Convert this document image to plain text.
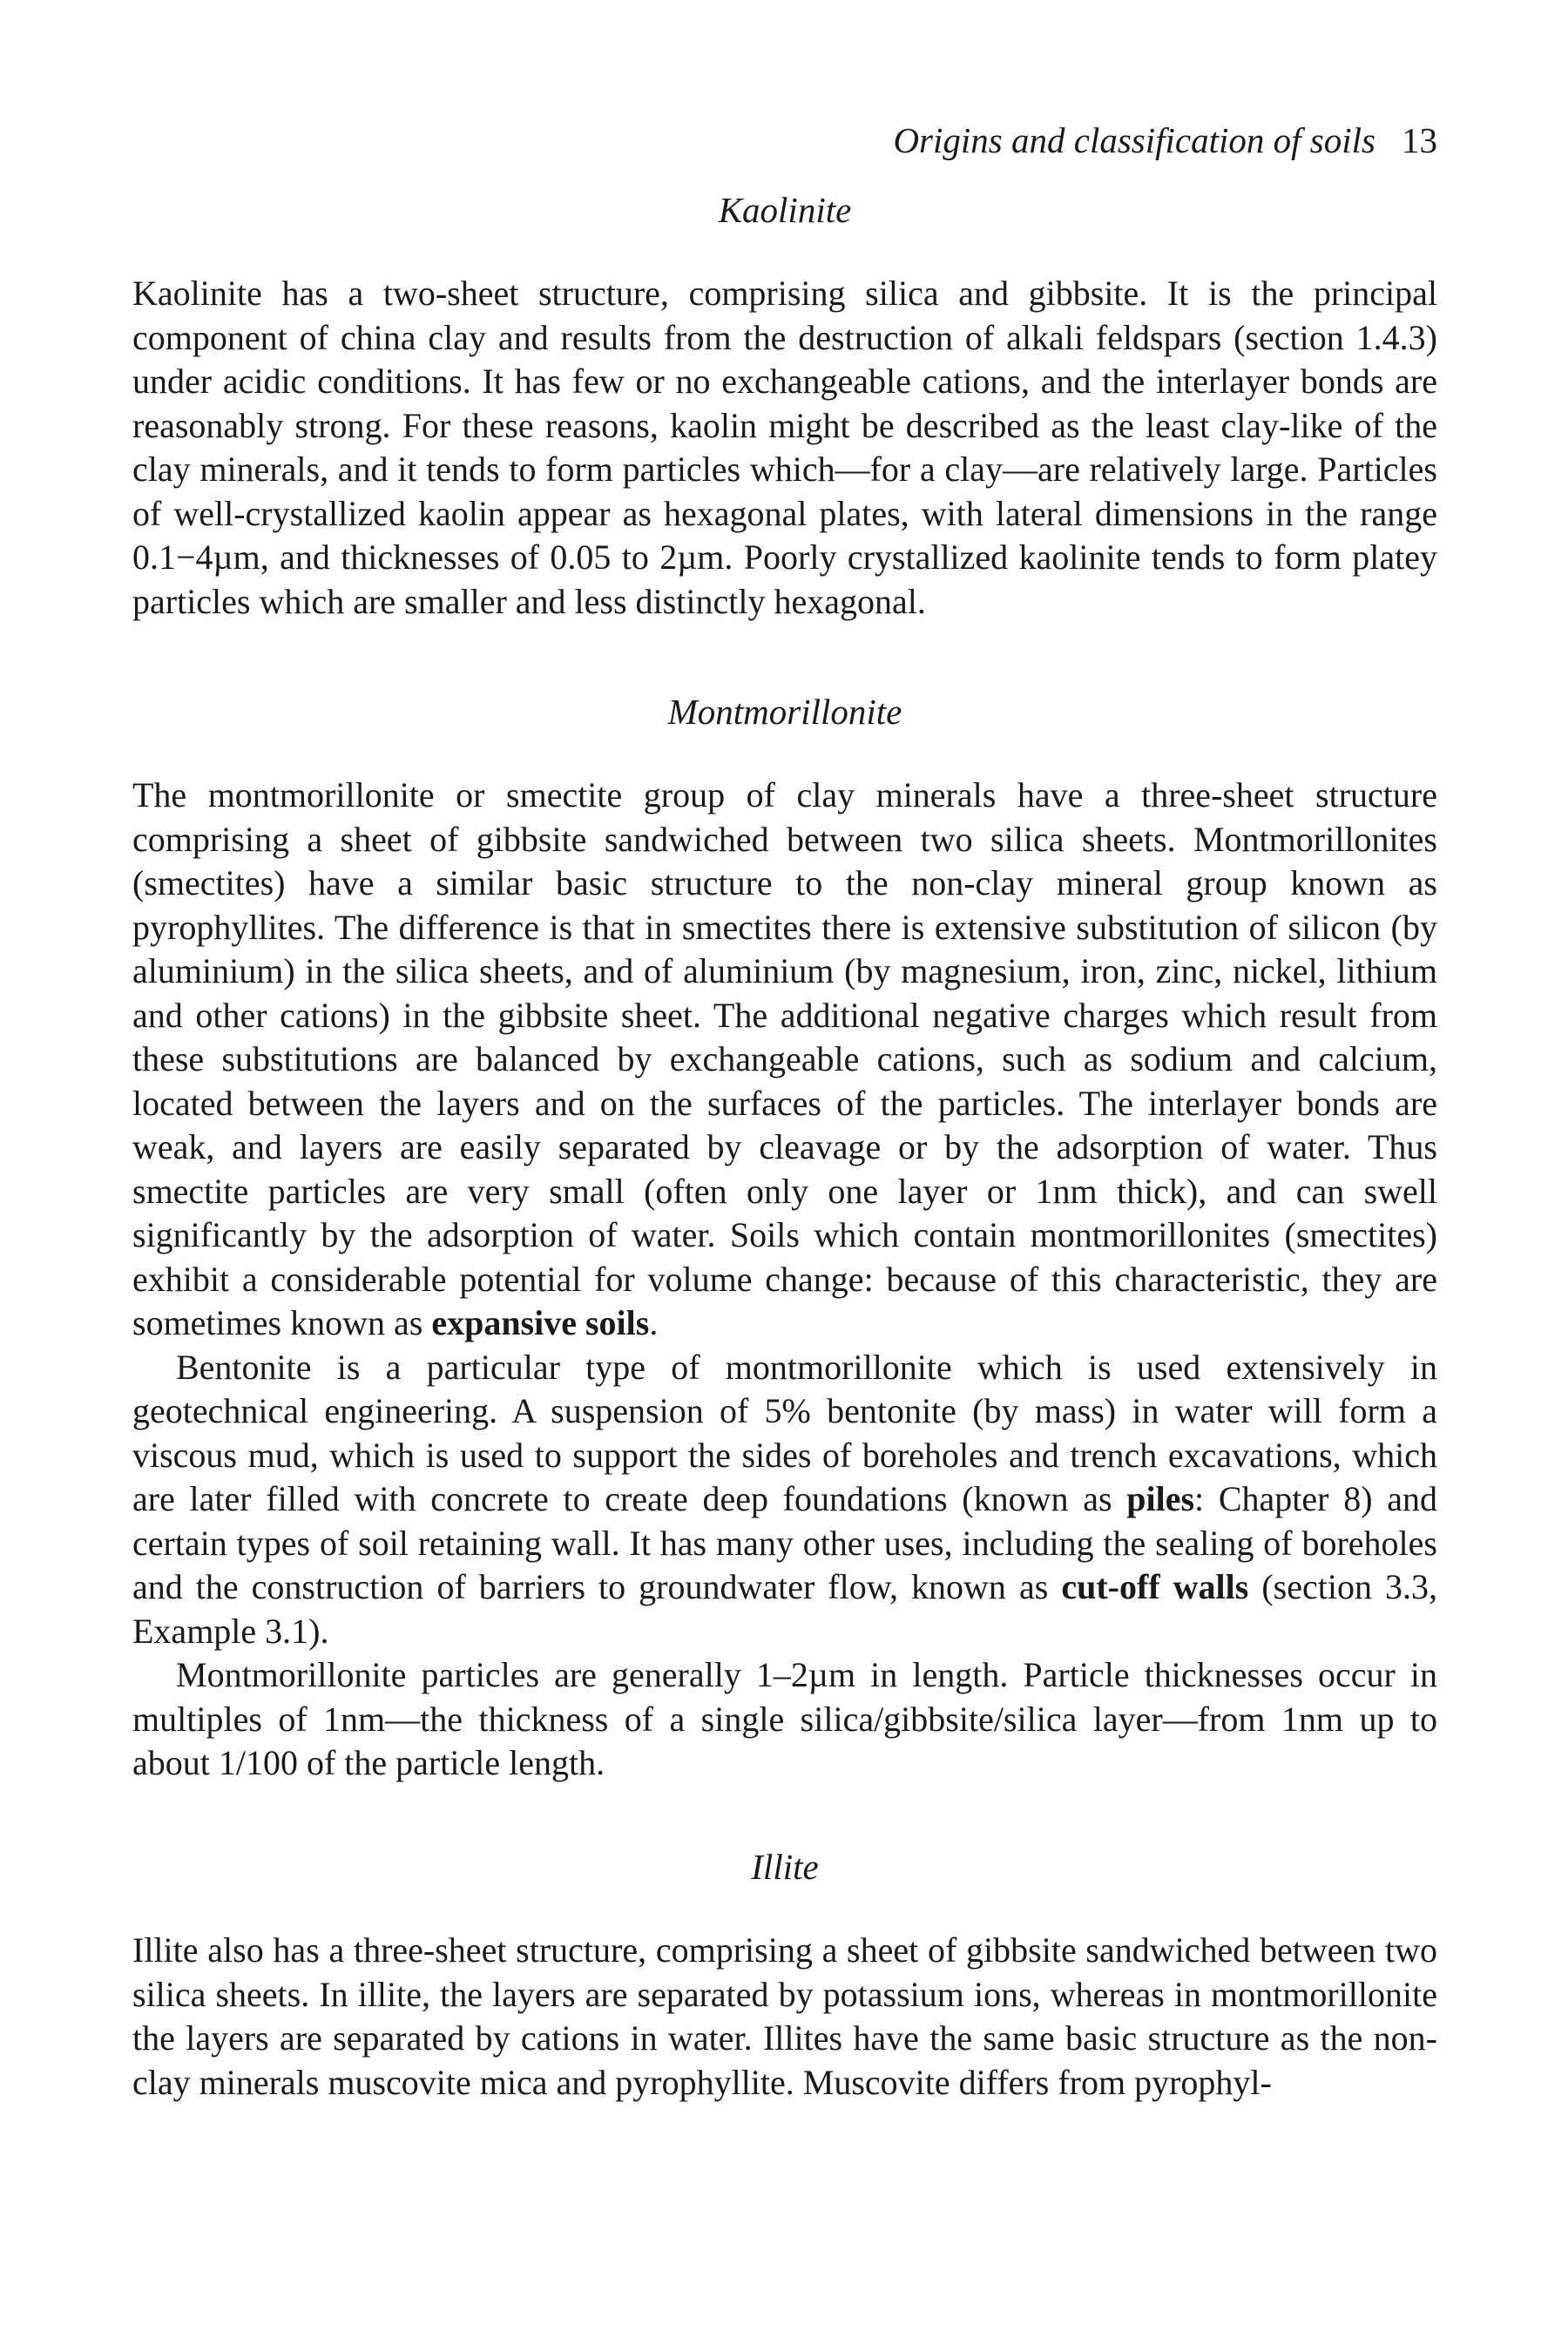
Origins and classification of soils 13
Kaolinite

Kaolinite has a two-sheet structure, comprising silica and gibbsite. It is the principal component of china clay and results from the destruction of alkali feldspars (section 1.4.3) under acidic conditions. It has few or no exchangeable cations, and the interlayer bonds are reasonably strong. For these reasons, kaolin might be described as the least clay-like of the clay minerals, and it tends to form particles which—for a clay—are relatively large. Particles of well-crystallized kaolin appear as hexagonal plates, with lateral dimensions in the range 0.1−4µm, and thicknesses of 0.05 to 2µm. Poorly crystallized kaolinite tends to form platey particles which are smaller and less distinctly hexagonal.

Montmorillonite

The montmorillonite or smectite group of clay minerals have a three-sheet structure comprising a sheet of gibbsite sandwiched between two silica sheets. Montmorillonites (smectites) have a similar basic structure to the non-clay mineral group known as pyrophyllites. The difference is that in smectites there is extensive substitution of silicon (by aluminium) in the silica sheets, and of aluminium (by magnesium, iron, zinc, nickel, lithium and other cations) in the gibbsite sheet. The additional negative charges which result from these substitutions are balanced by exchangeable cations, such as sodium and calcium, located between the layers and on the surfaces of the particles. The interlayer bonds are weak, and layers are easily separated by cleavage or by the adsorption of water. Thus smectite particles are very small (often only one layer or 1nm thick), and can swell significantly by the adsorption of water. Soils which contain montmorillonites (smectites) exhibit a considerable potential for volume change: because of this characteristic, they are sometimes known as expansive soils.

Bentonite is a particular type of montmorillonite which is used extensively in geotechnical engineering. A suspension of 5% bentonite (by mass) in water will form a viscous mud, which is used to support the sides of boreholes and trench excavations, which are later filled with concrete to create deep foundations (known as piles: Chapter 8) and certain types of soil retaining wall. It has many other uses, including the sealing of boreholes and the construction of barriers to groundwater flow, known as cut-off walls (section 3.3, Example 3.1).

Montmorillonite particles are generally 1–2µm in length. Particle thicknesses occur in multiples of 1nm—the thickness of a single silica/gibbsite/silica layer—from 1nm up to about 1/100 of the particle length.

Illite

Illite also has a three-sheet structure, comprising a sheet of gibbsite sandwiched between two silica sheets. In illite, the layers are separated by potassium ions, whereas in montmorillonite the layers are separated by cations in water. Illites have the same basic structure as the non-clay minerals muscovite mica and pyrophyllite. Muscovite differs from pyrophyl-
